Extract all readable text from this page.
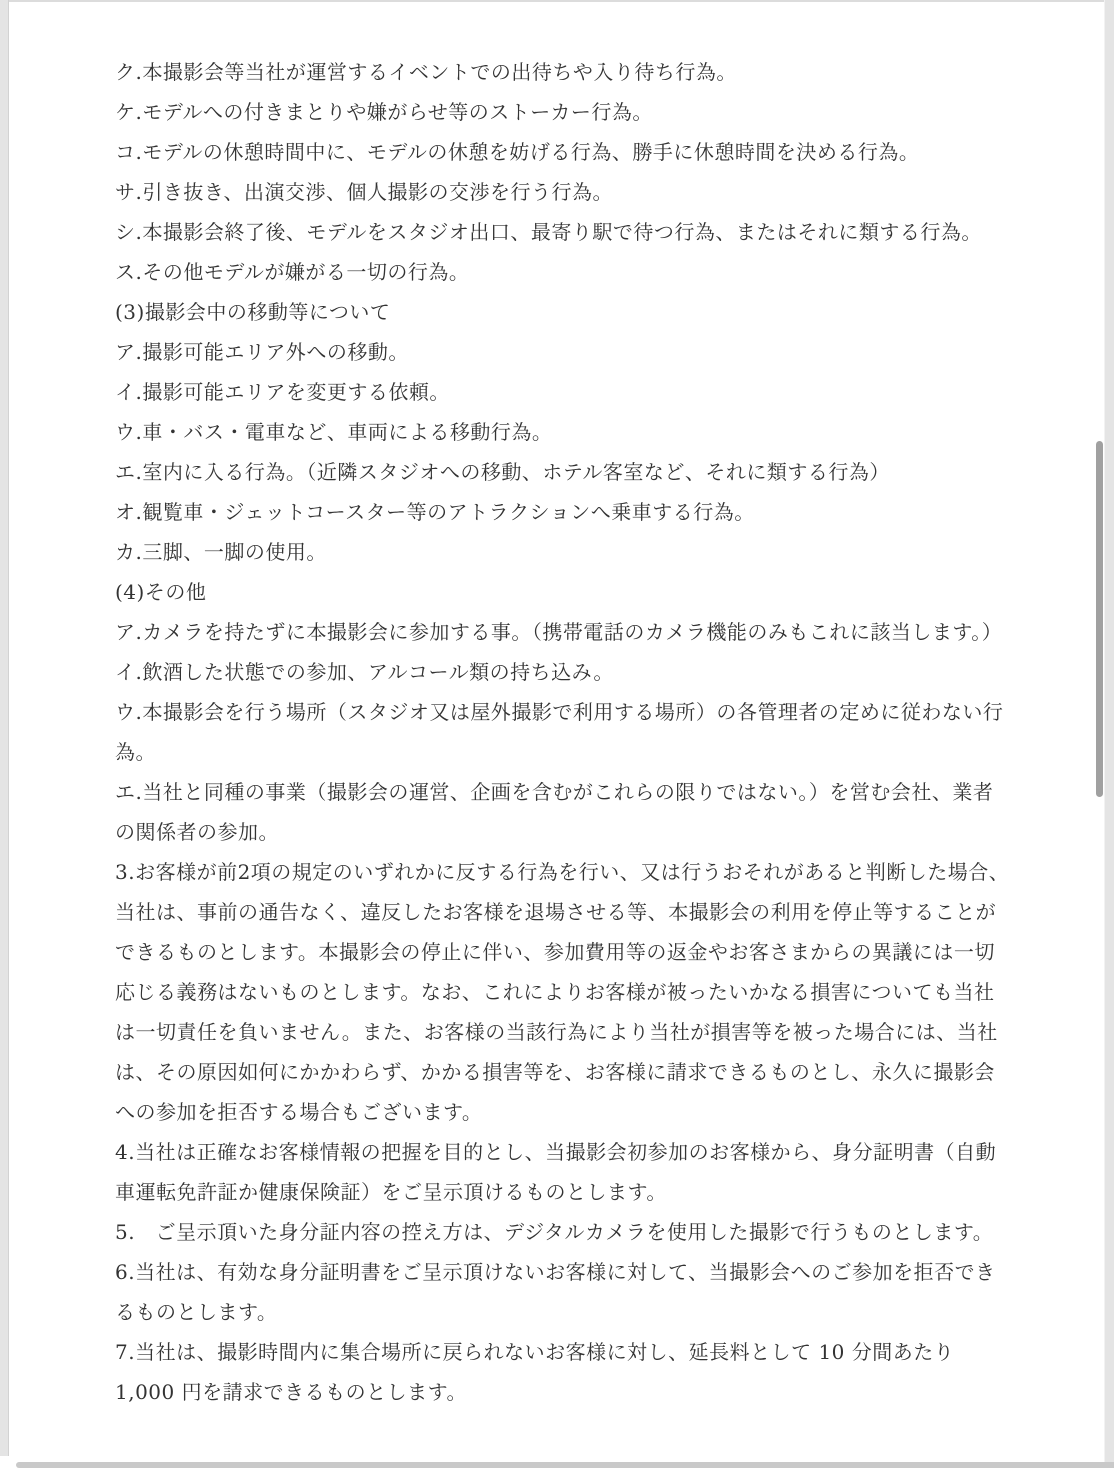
ク.本撮影会等当社が運営するイベントでの出待ちや入り待ち行為。
ケ.モデルへの付きまとりや嫌がらせ等のストーカー行為。
コ.モデルの休憩時間中に、モデルの休憩を妨げる行為、勝手に休憩時間を決める行為。
サ.引き抜き、出演交渉、個人撮影の交渉を行う行為。
シ.本撮影会終了後、モデルをスタジオ出口、最寄り駅で待つ行為、またはそれに類する行為。
ス.その他モデルが嫌がる一切の行為。
(3)撮影会中の移動等について
ア.撮影可能エリア外への移動。
イ.撮影可能エリアを変更する依頼。
ウ.車・バス・電車など、車両による移動行為。
エ.室内に入る行為。（近隣スタジオへの移動、ホテル客室など、それに類する行為）
オ.観覧車・ジェットコースター等のアトラクションへ乗車する行為。
カ.三脚、一脚の使用。
(4)その他
ア.カメラを持たずに本撮影会に参加する事。（携帯電話のカメラ機能のみもこれに該当します。）
イ.飲酒した状態での参加、アルコール類の持ち込み。
ウ.本撮影会を行う場所（スタジオ又は屋外撮影で利用する場所）の各管理者の定めに従わない行
為。
エ.当社と同種の事業（撮影会の運営、企画を含むがこれらの限りではない。）を営む会社、業者
の関係者の参加。
3.お客様が前2項の規定のいずれかに反する行為を行い、又は行うおそれがあると判断した場合、
当社は、事前の通告なく、違反したお客様を退場させる等、本撮影会の利用を停止等することが
できるものとします。本撮影会の停止に伴い、参加費用等の返金やお客さまからの異議には一切
応じる義務はないものとします。なお、これによりお客様が被ったいかなる損害についても当社
は一切責任を負いません。また、お客様の当該行為により当社が損害等を被った場合には、当社
は、その原因如何にかかわらず、かかる損害等を、お客様に請求できるものとし、永久に撮影会
への参加を拒否する場合もございます。
4.当社は正確なお客様情報の把握を目的とし、当撮影会初参加のお客様から、身分証明書（自動
車運転免許証か健康保険証）をご呈示頂けるものとします。
5.　ご呈示頂いた身分証内容の控え方は、デジタルカメラを使用した撮影で行うものとします。
6.当社は、有効な身分証明書をご呈示頂けないお客様に対して、当撮影会へのご参加を拒否でき
るものとします。
7.当社は、撮影時間内に集合場所に戻られないお客様に対し、延長料として 10 分間あたり
1,000 円を請求できるものとします。
